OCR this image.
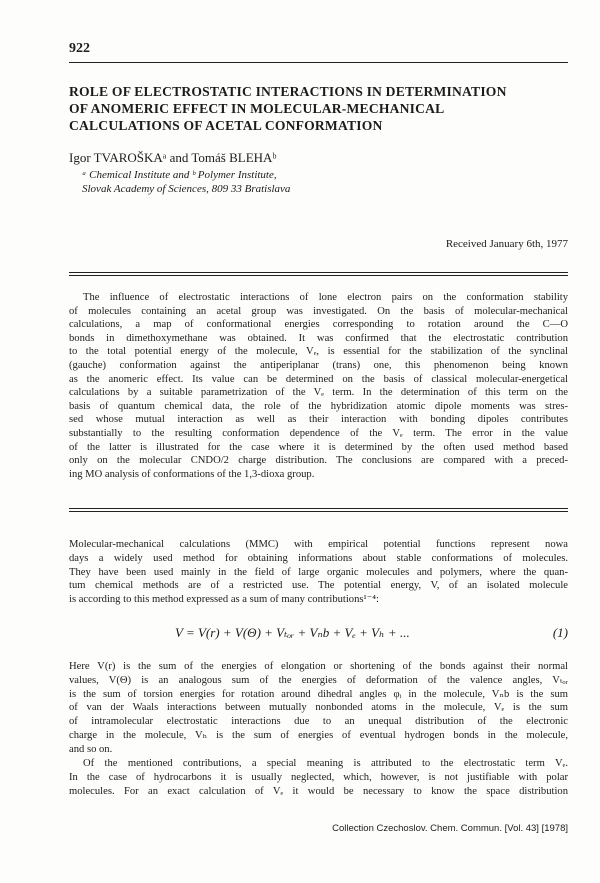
922
ROLE OF ELECTROSTATIC INTERACTIONS IN DETERMINATION
OF ANOMERIC EFFECT IN MOLECULAR-MECHANICAL
CALCULATIONS OF ACETAL CONFORMATION
Igor TVAROŠKAᵃ and Tomáš BLEHAᵇ
ᵃ Chemical Institute and ᵇ Polymer Institute,
Slovak Academy of Sciences, 809 33 Bratislava
Received January 6th, 1977
The influence of electrostatic interactions of lone electron pairs on the conformation stability
of molecules containing an acetal group was investigated. On the basis of molecular-mechanical
calculations, a map of conformational energies corresponding to rotation around the C—O
bonds in dimethoxymethane was obtained. It was confirmed that the electrostatic contribution
to the total potential energy of the molecule, Vₑ, is essential for the stabilization of the synclinal
(gauche) conformation against the antiperiplanar (trans) one, this phenomenon being known
as the anomeric effect. Its value can be determined on the basis of classical molecular-energetical
calculations by a suitable parametrization of the Vₑ term. In the determination of this term on the
basis of quantum chemical data, the role of the hybridization atomic dipole moments was stres-
sed whose mutual interaction as well as their interaction with bonding dipoles contributes
substantially to the resulting conformation dependence of the Vₑ term. The error in the value
of the latter is illustrated for the case where it is determined by the often used method based
only on the molecular CNDO/2 charge distribution. The conclusions are compared with a preced-
ing MO analysis of conformations of the 1,3-dioxa group.
Molecular-mechanical calculations (MMC) with empirical potential functions represent nowa
days a widely used method for obtaining informations about stable conformations of molecules.
They have been used mainly in the field of large organic molecules and polymers, where the quan-
tum chemical methods are of a restricted use. The potential energy, V, of an isolated molecule
is according to this method expressed as a sum of many contributions¹⁻⁴:
V = V(r) + V(Θ) + Vₜₒᵣ + Vₙb + Vₑ + Vₕ + ...	(1)
Here V(r) is the sum of the energies of elongation or shortening of the bonds against their normal
values, V(Θ) is an analogous sum of the energies of deformation of the valence angles, Vₜₒᵣ
is the sum of torsion energies for rotation around dihedral angles φᵢ in the molecule, Vₙb is the sum
of van der Waals interactions between mutually nonbonded atoms in the molecule, Vₑ is the sum
of intramolecular electrostatic interactions due to an unequal distribution of the electronic
charge in the molecule, Vₕ is the sum of energies of eventual hydrogen bonds in the molecule,
and so on.
Of the mentioned contributions, a special meaning is attributed to the electrostatic term Vₑ.
In the case of hydrocarbons it is usually neglected, which, however, is not justifiable with polar
molecules. For an exact calculation of Vₑ it would be necessary to know the space distribution
Collection Czechoslov. Chem. Commun. [Vol. 43] [1978]
